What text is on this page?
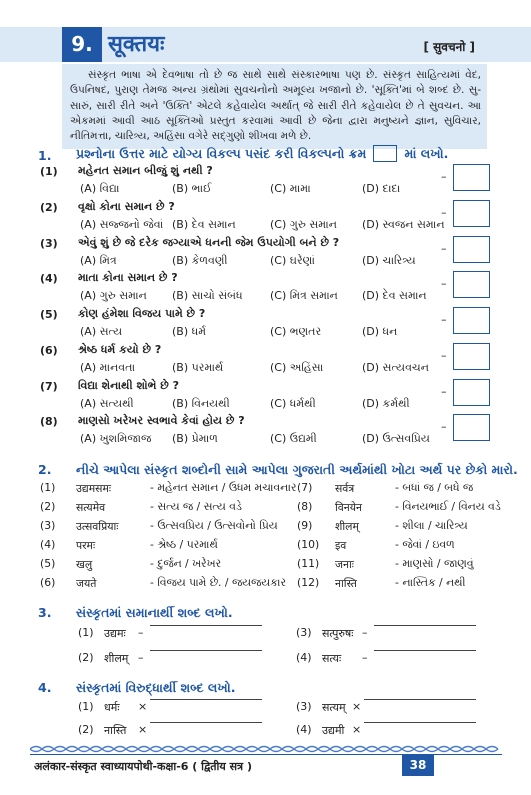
9. सूक्तयः	[ सुवचनो ]

સંસ્કૃત ભાષા એ દેવભાષા તો છે જ સાથે સાથે સંસ્કારભાષા પણ છે. સંસ્કૃત સાહિત્યમાં વેદ, ઉપનિષદ, પુરાણ તેમજ અન્ય ગ્રંથોમાં સુવચનોનો અમૂલ્ય ખજાનો છે. 'સૂક્તિ'માં બે શબ્દ છે. સુ-સારું, સારી રીતે અને 'ઉક્તિ' એટલે કહેવાયેલ અર્થાત્ જે સારી રીતે કહેવાયેલ છે તે સુવચન. આ એકમમાં આવી આઠ સૂક્તિઓ પ્રસ્તુત કરવામાં આવી છે જેના દ્વારા મનુષ્યને જ્ઞાન, સુવિચાર, નીતિમત્તા, ચારિત્ર્ય, અહિંસા વગેરે સદ્ગુણો શીખવા મળે છે.

1. પ્રશ્નોના ઉત્તર માટે યોગ્ય વિકલ્પ પસંદ કરી વિકલ્પનો ક્રમ	માં લખો.
(1) મહેનત સમાન બીજું શું નથી ?
(A) વિદ્યા	(B) ભાઈ	(C) મામા	(D) દાદા
–
(2) વૃક્ષો કોના સમાન છે ?
(A) સજ્જનો જેવાં (B) દેવ સમાન	(C) ગુરુ સમાન (D) સ્વજન સમાન
–
(3) એવું શું છે જે દરેક જગ્યાએ ધનની જેમ ઉપયોગી બને છે ?
(A) મિત્ર	(B) કેળવણી	(C) ઘરેણાં	(D) ચારિત્ર્ય
–
(4) માતા કોના સમાન છે ?
(A) ગુરુ સમાન (B) સાચો સંબંધ (C) મિત્ર સમાન (D) દેવ સમાન
–
(5) કોણ હંમેશા વિજય પામે છે ?
(A) સત્ય	(B) ધર્મ	(C) ભણતર	(D) ધન
–
(6) શ્રેષ્ઠ ધર્મ કયો છે ?
(A) માનવતા	(B) પરમાર્થ	(C) અહિંસા	(D) સત્યવચન
–
(7) વિદ્યા શેનાથી શોભે છે ?
(A) સત્યથી	(B) વિનયથી	(C) ધર્મથી	(D) કર્મથી
–
(8) માણસો ખરેખર સ્વભાવે કેવાં હોય છે ?
(A) ખુશમિજાજ (B) પ્રેમાળ	(C) ઉદ્યમી	(D) ઉત્સવપ્રિય
–
2. નીચે આપેલા સંસ્કૃત શબ્દોની સામે આપેલા ગુજરાતી અર્થમાંથી ખોટા અર્થ પર છેકો મારો.
(1) उद्यमसमः	- મહેનત સમાન / ઉધમ મચાવનાર
(2) सत्यमेव	- સત્ય જ / સત્ય વડે
(3) उत्सवप्रियाः	- ઉત્સવપ્રિય / ઉત્સવોનો પ્રિય
(4) परमः	- શ્રેષ્ઠ / પરમાર્થ
(5) खलु	- દુર્જન / ખરેખર
(6) जयते	- વિજય પામે છે. / જયજયકાર
(7) सर्वत्र	- બધાં જ / બધે જ
(8) विनयेन	- વિનયભાઈ / વિનય વડે
(9) शीलम्	- શીલા / ચારિત્ર્ય
(10) इव	- જેવાં / ઇવળ
(11) जनाः	- માણસો / જાણવું
(12) नास्ति	- નાસ્તિક / નથી
3. સંસ્કૃતમાં સમાનાર્થી શબ્દ લખો.
(1) उद्यमः –	(3) सत्पुरुषः –
(2) शीलम् –	(4) सत्यः –
4. સંસ્કૃતમાં વિરુદ્ધાર્થી શબ્દ લખો.
(1) धर्मः ×	(3) सत्यम् ×
(2) नास्ति ×	(4) उद्यमी ×
अलंकार-संस्कृत स्वाध्यायपोथी-कक्षा-6 ( द्वितीय सत्र )	38
